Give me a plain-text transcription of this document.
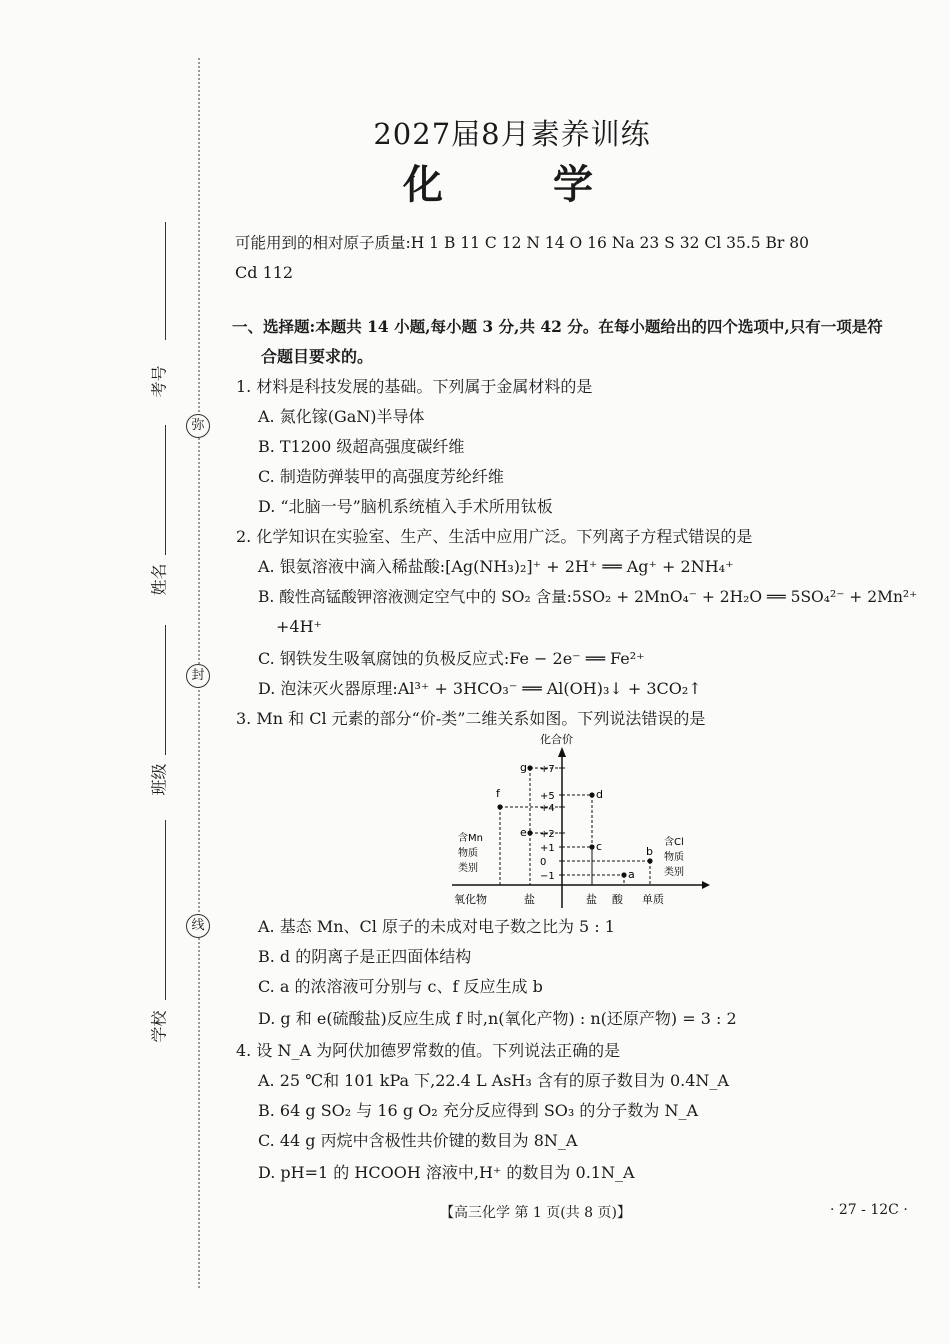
弥
封
线
考号
姓名
班级
学校
2027届8月素养训练
化 学
可能用到的相对原子质量:H 1 B 11 C 12 N 14 O 16 Na 23 S 32 Cl 35.5 Br 80
Cd 112
一、选择题:本题共 14 小题,每小题 3 分,共 42 分。在每小题给出的四个选项中,只有一项是符
合题目要求的。
1. 材料是科技发展的基础。下列属于金属材料的是
A. 氮化镓(GaN)半导体
B. T1200 级超高强度碳纤维
C. 制造防弹装甲的高强度芳纶纤维
D. “北脑一号”脑机系统植入手术所用钛板
2. 化学知识在实验室、生产、生活中应用广泛。下列离子方程式错误的是
A. 银氨溶液中滴入稀盐酸:[Ag(NH₃)₂]⁺ + 2H⁺ ══ Ag⁺ + 2NH₄⁺
B. 酸性高锰酸钾溶液测定空气中的 SO₂ 含量:5SO₂ + 2MnO₄⁻ + 2H₂O ══ 5SO₄²⁻ + 2Mn²⁺
+4H⁺
C. 钢铁发生吸氧腐蚀的负极反应式:Fe − 2e⁻ ══ Fe²⁺
D. 泡沫灭火器原理:Al³⁺ + 3HCO₃⁻ ══ Al(OH)₃↓ + 3CO₂↑
3. Mn 和 Cl 元素的部分“价-类”二维关系如图。下列说法错误的是
化合价
+7
+5
+4
+2
+1
0
−1
g
f
e
d
c	b
a
氧化物	盐	盐 酸 单质
含Mn
物质
类别
含Cl
物质
类别
A. 基态 Mn、Cl 原子的未成对电子数之比为 5 : 1
B. d 的阴离子是正四面体结构
C. a 的浓溶液可分别与 c、f 反应生成 b
D. g 和 e(硫酸盐)反应生成 f 时,n(氧化产物) : n(还原产物) = 3 : 2
4. 设 N_A 为阿伏加德罗常数的值。下列说法正确的是
A. 25 ℃和 101 kPa 下,22.4 L AsH₃ 含有的原子数目为 0.4N_A
B. 64 g SO₂ 与 16 g O₂ 充分反应得到 SO₃ 的分子数为 N_A
C. 44 g 丙烷中含极性共价键的数目为 8N_A
D. pH=1 的 HCOOH 溶液中,H⁺ 的数目为 0.1N_A
【高三化学 第 1 页(共 8 页)】	· 27 - 12C ·
